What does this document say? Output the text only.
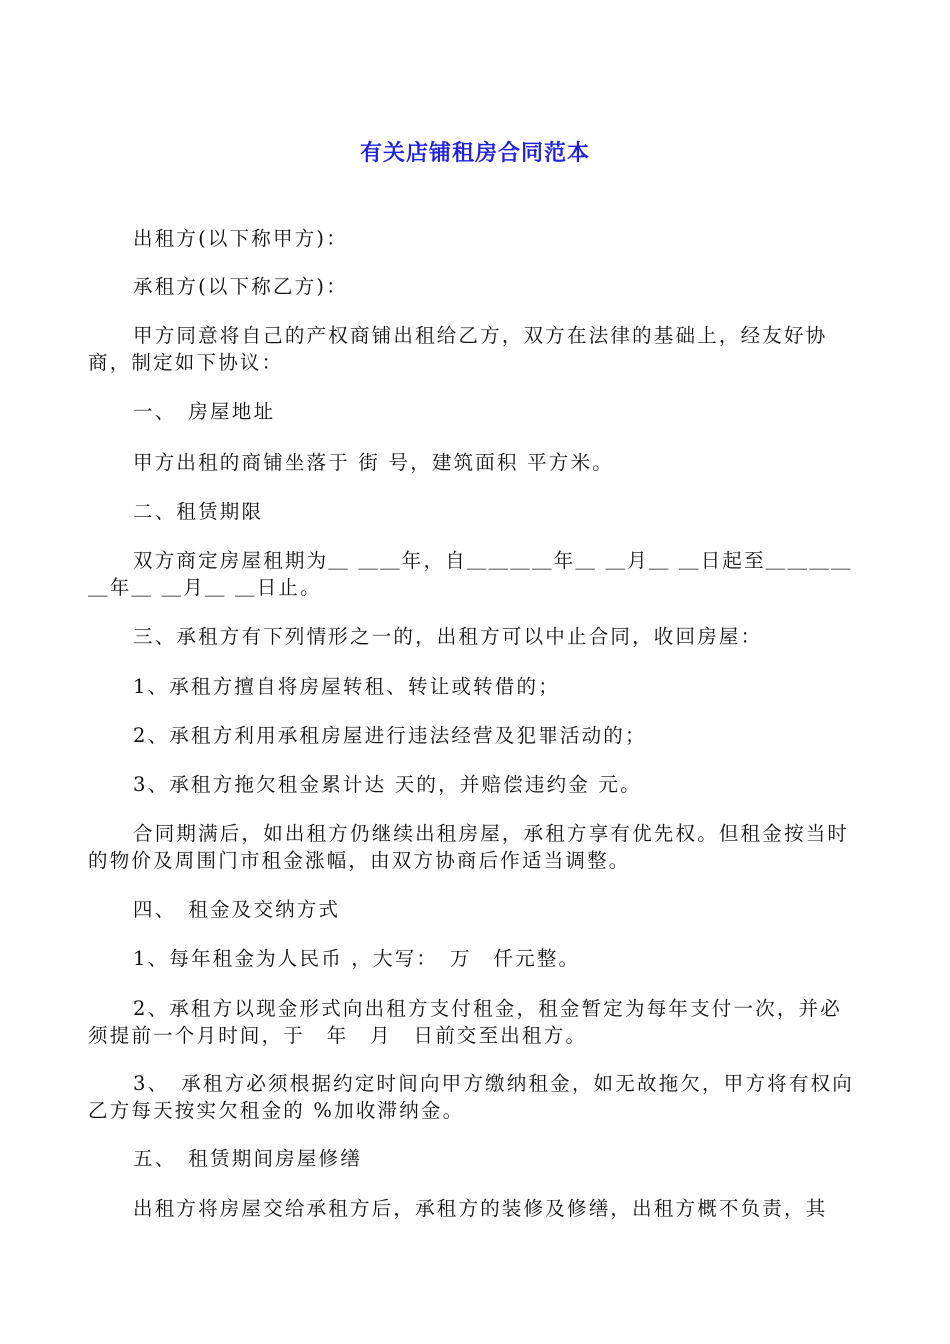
有关店铺租房合同范本
出租方(以下称甲方)：
承租方(以下称乙方)：
甲方同意将自己的产权商铺出租给乙方，双方在法律的基础上，经友好协商，制定如下协议：
一、　房屋地址
甲方出租的商铺坐落于 街 号，建筑面积 平方米。
二、租赁期限
双方商定房屋租期为＿ ＿＿年，自＿＿＿＿年＿ ＿月＿ ＿日起至＿＿＿＿＿年＿ ＿月＿ ＿日止。
三、承租方有下列情形之一的，出租方可以中止合同，收回房屋：
1、承租方擅自将房屋转租、转让或转借的；
2、承租方利用承租房屋进行违法经营及犯罪活动的；
3、承租方拖欠租金累计达 天的，并赔偿违约金 元。
合同期满后，如出租方仍继续出租房屋，承租方享有优先权。但租金按当时的物价及周围门市租金涨幅，由双方协商后作适当调整。
四、　租金及交纳方式
1、每年租金为人民币 ，大写：　万　仟元整。
2、承租方以现金形式向出租方支付租金，租金暂定为每年支付一次，并必须提前一个月时间，于　年　月　日前交至出租方。
3、　承租方必须根据约定时间向甲方缴纳租金，如无故拖欠，甲方将有权向乙方每天按实欠租金的 %加收滞纳金。
五、　租赁期间房屋修缮
出租方将房屋交给承租方后，承租方的装修及修缮，出租方概不负责，其
